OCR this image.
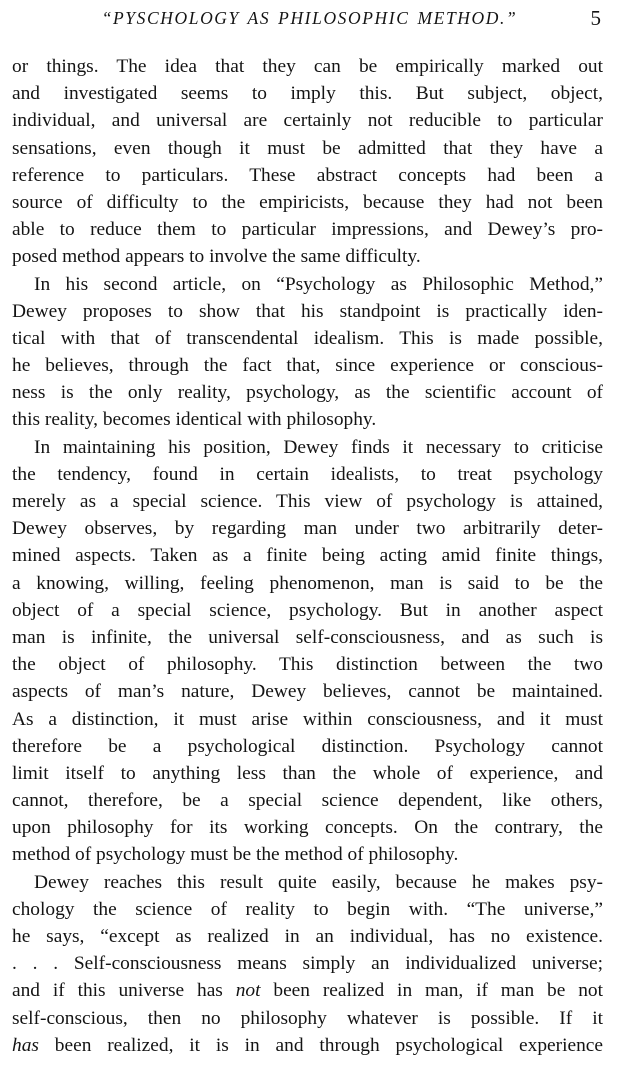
“PYSCHOLOGY AS PHILOSOPHIC METHOD.”	5
or things. The idea that they can be empirically marked out
and investigated seems to imply this. But subject, object,
individual, and universal are certainly not reducible to particular
sensations, even though it must be admitted that they have a
reference to particulars. These abstract concepts had been a
source of difficulty to the empiricists, because they had not been
able to reduce them to particular impressions, and Dewey’s pro-
posed method appears to involve the same difficulty.
In his second article, on “Psychology as Philosophic Method,”
Dewey proposes to show that his standpoint is practically iden-
tical with that of transcendental idealism. This is made possible,
he believes, through the fact that, since experience or conscious-
ness is the only reality, psychology, as the scientific account of
this reality, becomes identical with philosophy.
In maintaining his position, Dewey finds it necessary to criticise
the tendency, found in certain idealists, to treat psychology
merely as a special science. This view of psychology is attained,
Dewey observes, by regarding man under two arbitrarily deter-
mined aspects. Taken as a finite being acting amid finite things,
a knowing, willing, feeling phenomenon, man is said to be the
object of a special science, psychology. But in another aspect
man is infinite, the universal self-consciousness, and as such is
the object of philosophy. This distinction between the two
aspects of man’s nature, Dewey believes, cannot be maintained.
As a distinction, it must arise within consciousness, and it must
therefore be a psychological distinction. Psychology cannot
limit itself to anything less than the whole of experience, and
cannot, therefore, be a special science dependent, like others,
upon philosophy for its working concepts. On the contrary, the
method of psychology must be the method of philosophy.
Dewey reaches this result quite easily, because he makes psy-
chology the science of reality to begin with. “The universe,”
he says, “except as realized in an individual, has no existence.
. . . Self-consciousness means simply an individualized universe;
and if this universe has not been realized in man, if man be not
self-conscious, then no philosophy whatever is possible. If it
has been realized, it is in and through psychological experience
